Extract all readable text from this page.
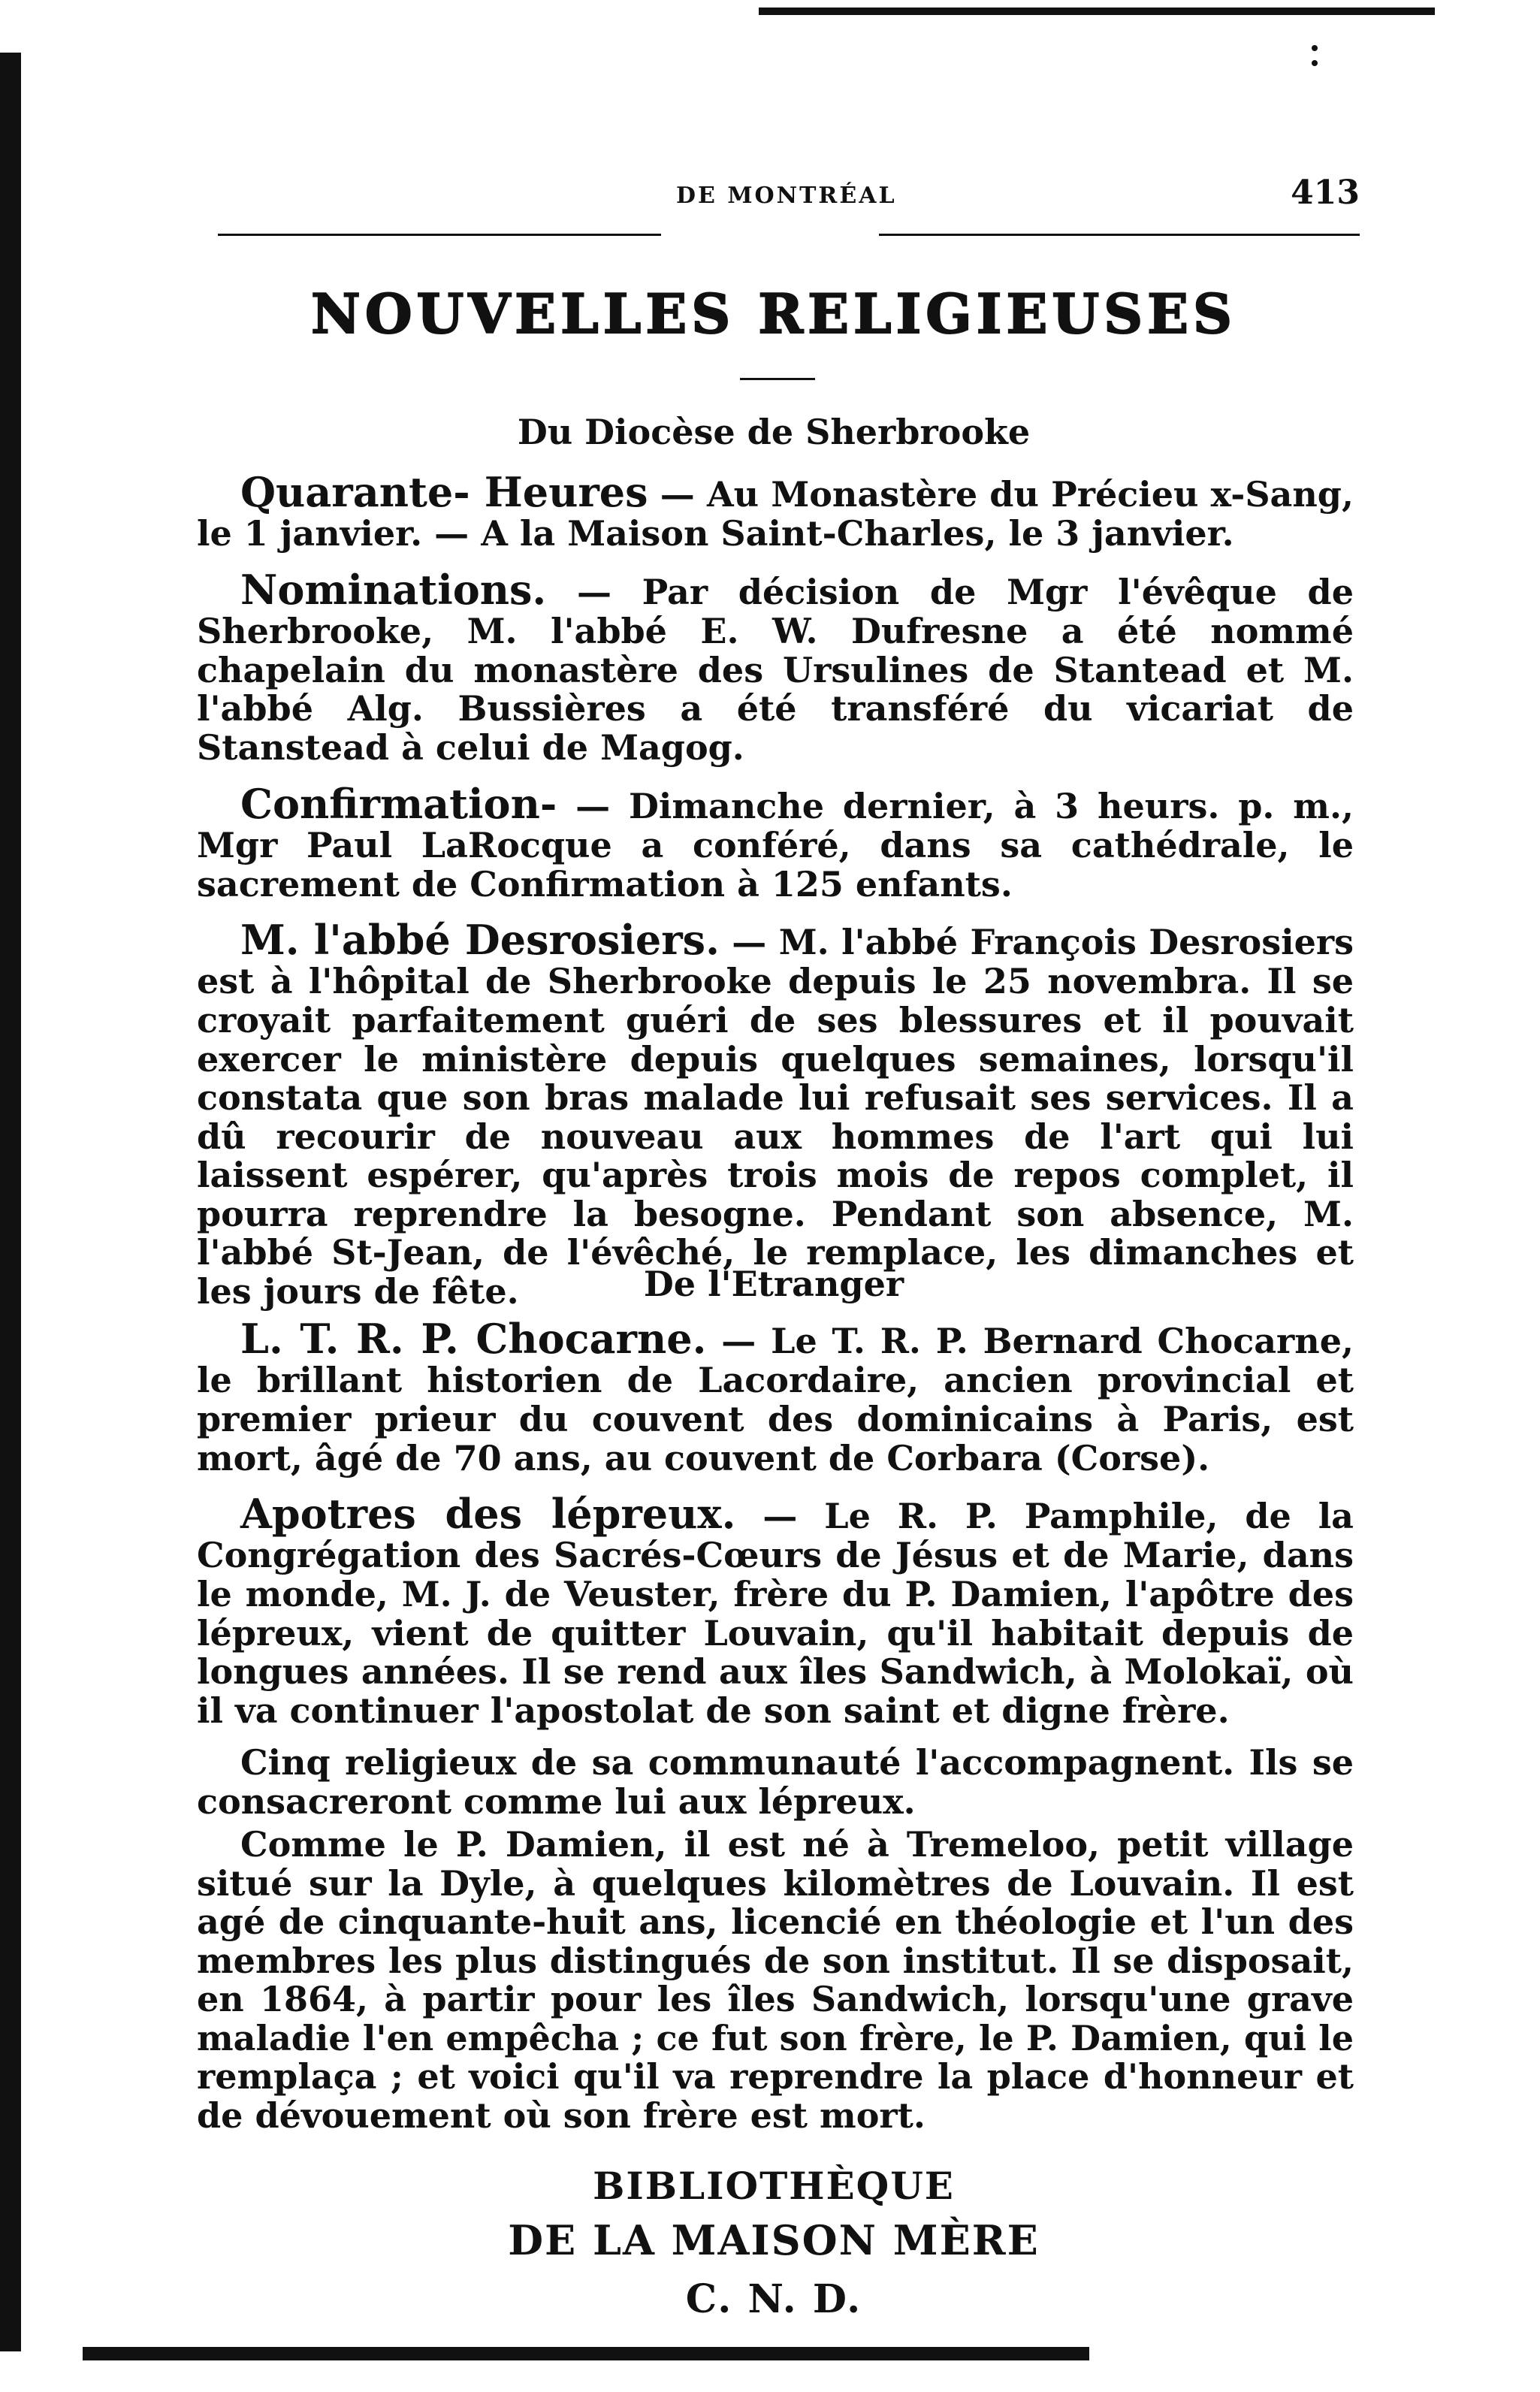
DE MONTRÉAL	413
NOUVELLES RELIGIEUSES
Du Diocèse de Sherbrooke

Quarante- Heures — Au Monastère du Précieu x-Sang, le 1 janvier. — A la Maison Saint-Charles, le 3 janvier.

Nominations. — Par décision de Mgr l'évêque de Sherbrooke, M. l'abbé E. W. Dufresne a été nommé chapelain du monastère des Ursulines de Stantead et M. l'abbé Alg. Bussières a été transféré du vicariat de Stanstead à celui de Magog.

Confirmation- — Dimanche dernier, à 3 heurs. p. m., Mgr Paul LaRocque a conféré, dans sa cathédrale, le sacrement de Confirmation à 125 enfants.

M. l'abbé Desrosiers. — M. l'abbé François Desrosiers est à l'hôpital de Sherbrooke depuis le 25 novembra. Il se croyait parfaitement guéri de ses blessures et il pouvait exercer le ministère depuis quelques semaines, lorsqu'il constata que son bras malade lui refusait ses services. Il a dû recourir de nouveau aux hommes de l'art qui lui laissent espérer, qu'après trois mois de repos complet, il pourra reprendre la besogne. Pendant son absence, M. l'abbé St-Jean, de l'évêché, le remplace, les dimanches et les jours de fête.	De l'Etranger

L. T. R. P. Chocarne. — Le T. R. P. Bernard Chocarne, le brillant historien de Lacordaire, ancien provincial et premier prieur du couvent des dominicains à Paris, est mort, âgé de 70 ans, au couvent de Corbara (Corse).

Apotres des lépreux. — Le R. P. Pamphile, de la Congrégation des Sacrés-Cœurs de Jésus et de Marie, dans le monde, M. J. de Veuster, frère du P. Damien, l'apôtre des lépreux, vient de quitter Louvain, qu'il habitait depuis de longues années. Il se rend aux îles Sandwich, à Molokaï, où il va continuer l'apostolat de son saint et digne frère.

Cinq religieux de sa communauté l'accompagnent. Ils se consacreront comme lui aux lépreux.

Comme le P. Damien, il est né à Tremeloo, petit village situé sur la Dyle, à quelques kilomètres de Louvain. Il est agé de cinquante-huit ans, licencié en théologie et l'un des membres les plus distingués de son institut. Il se disposait, en 1864, à partir pour les îles Sandwich, lorsqu'une grave maladie l'en empêcha ; ce fut son frère, le P. Damien, qui le remplaça ; et voici qu'il va reprendre la place d'honneur et de dévouement où son frère est mort.

BIBLIOTHÈQUE
DE LA MAISON MÈRE
C. N. D.
